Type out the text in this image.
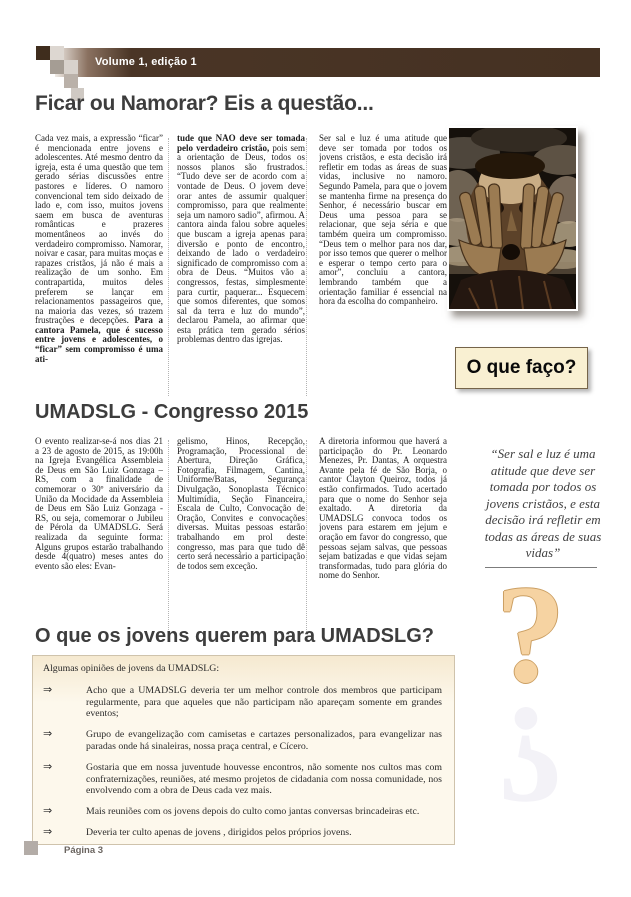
Volume 1, edição 1
Ficar ou Namorar? Eis a questão...
Cada vez mais, a expressão “ficar” é mencionada entre jovens e adolescentes. Até mesmo dentro da igreja, esta é uma questão que tem gerado sérias discussões entre pastores e líderes. O namoro convencional tem sido deixado de lado e, com isso, muitos jovens saem em busca de aventuras românticas e prazeres momentâneos ao invés do verdadeiro compromisso. Namorar, noivar e casar, para muitas moças e rapazes cristãos, já não é mais a realização de um sonho. Em contrapartida, muitos deles preferem se lançar em relacionamentos passageiros que, na maioria das vezes, só trazem frustrações e decepções. Para a cantora Pamela, que é sucesso entre jovens e adolescentes, o “ficar” sem compromisso é uma ati-
tude que NÃO deve ser tomada pelo verdadeiro cristão, pois sem a orientação de Deus, todos os nossos planos são frustrados. “Tudo deve ser de acordo com a vontade de Deus. O jovem deve orar antes de assumir qualquer compromisso, para que realmente seja um namoro sadio”, afirmou. A cantora ainda falou sobre aqueles que buscam a igreja apenas para diversão e ponto de encontro, deixando de lado o verdadeiro significado de compromisso com a obra de Deus. “Muitos vão a congressos, festas, simplesmente para curtir, paquerar... Esquecem que somos diferentes, que somos sal da terra e luz do mundo”, declarou Pamela, ao afirmar que esta prática tem gerado sérios problemas dentro das igrejas.
Ser sal e luz é uma atitude que deve ser tomada por todos os jovens cristãos, e esta decisão irá refletir em todas as áreas de suas vidas, inclusive no namoro. Segundo Pamela, para que o jovem se mantenha firme na presença do Senhor, é necessário buscar em Deus uma pessoa para se relacionar, que seja séria e que também queira um compromisso. “Deus tem o melhor para nos dar, por isso temos que querer o melhor e esperar o tempo certo para o amor”, concluiu a cantora, lembrando também que a orientação familiar é essencial na hora da escolha do companheiro.
O que faço?
UMADSLG - Congresso 2015
O evento realizar-se-á nos dias 21 a 23 de agosto de 2015, as 19:00h na Igreja Evangélica Assembleia de Deus em São Luiz Gonzaga – RS, com a finalidade de comemorar o 30º aniversário da União da Mocidade da Assembleia de Deus em São Luiz Gonzaga - RS, ou seja, comemorar o Jubileu de Pérola da UMADSLG. Será realizada da seguinte forma: Alguns grupos estarão trabalhando desde 4(quatro) meses antes do evento são eles: Evan-
gelismo, Hinos, Recepção, Programação, Processional de Abertura, Direção Gráfica, Fotografia, Filmagem, Cantina, Uniforme/Batas, Segurança Divulgação, Sonoplasta Técnico Multimídia, Seção Financeira, Escala de Culto, Convocação de Oração, Convites e convocações diversas. Muitas pessoas estarão trabalhando em prol deste congresso, mas para que tudo dê certo será necessário a participação de todos sem exceção.
A diretoria informou que haverá a participação do Pr. Leonardo Menezes, Pr. Dantas, A orquestra Avante pela fé de São Borja, o cantor Clayton Queiroz, todos já estão confirmados. Tudo acertado para que o nome do Senhor seja exaltado. A diretoria da UMADSLG convoca todos os jovens para estarem em jejum e oração em favor do congresso, que pessoas sejam salvas, que pessoas sejam batizadas e que vidas sejam transformadas, tudo para glória do nome do Senhor.
“Ser sal e luz é uma atitude que deve ser tomada por todos os jovens cristãos, e esta decisão irá refletir em todas as áreas de suas vidas”
?
?
O que os jovens querem para UMADSLG?
Algumas opiniões de jovens da UMADSLG:
⇒	Acho que a UMADSLG deveria ter um melhor controle dos membros que participam regularmente, para que aqueles que não participam não apareçam somente em grandes eventos;
⇒	Grupo de evangelização com camisetas e cartazes personalizados, para evangelizar nas paradas onde há sinaleiras, nossa praça central, e Cícero.
⇒	Gostaria que em nossa juventude houvesse encontros, não somente nos cultos mas com confraternizações, reuniões, até mesmo projetos de cidadania com nossa comunidade, nos envolvendo com a obra de Deus cada vez mais.
⇒	Mais reuniões com os jovens depois do culto como jantas conversas brincadeiras etc.
⇒	Deveria ter culto apenas de jovens , dirigidos pelos próprios jovens.
Página 3
